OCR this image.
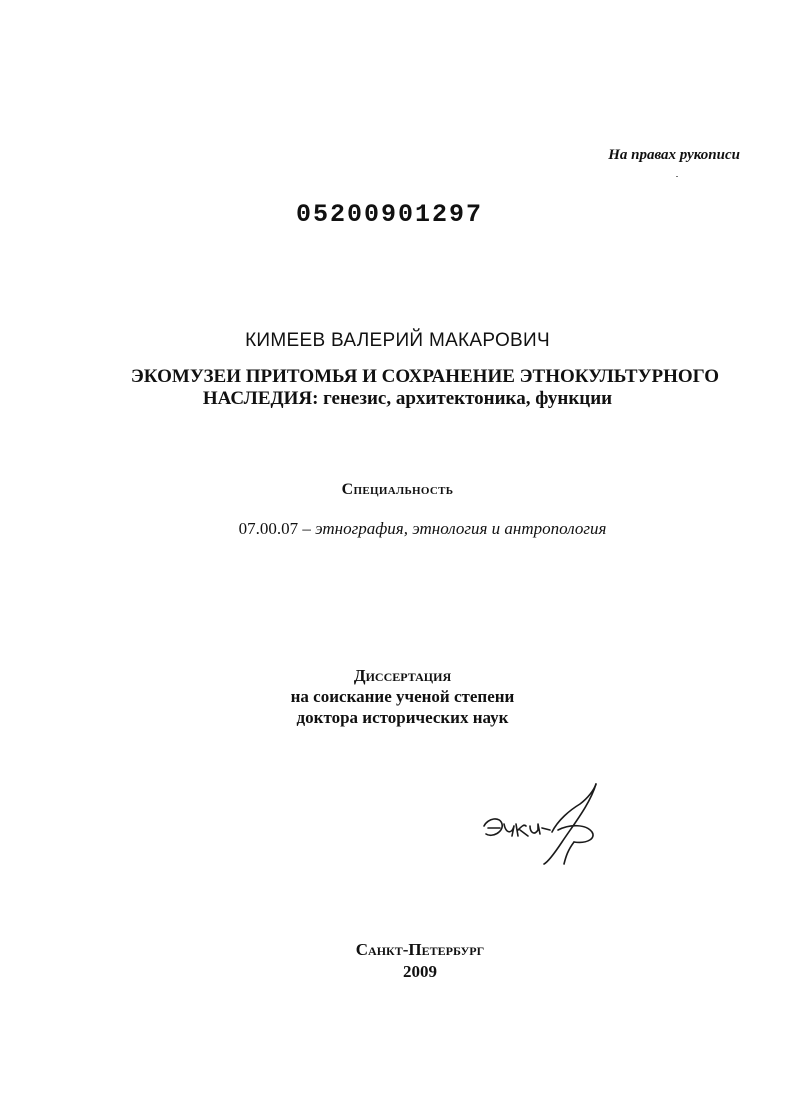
На правах рукописи
05200901297
КИМЕЕВ ВАЛЕРИЙ МАКАРОВИЧ
ЭКОМУЗЕИ ПРИТОМЬЯ И СОХРАНЕНИЕ ЭТНОКУЛЬТУРНОГО
НАСЛЕДИЯ: генезис, архитектоника, функции
Специальность
07.00.07 – этнография, этнология и антропология
Диссертация
на соискание ученой степени
доктора исторических наук
Санкт-Петербург
2009
